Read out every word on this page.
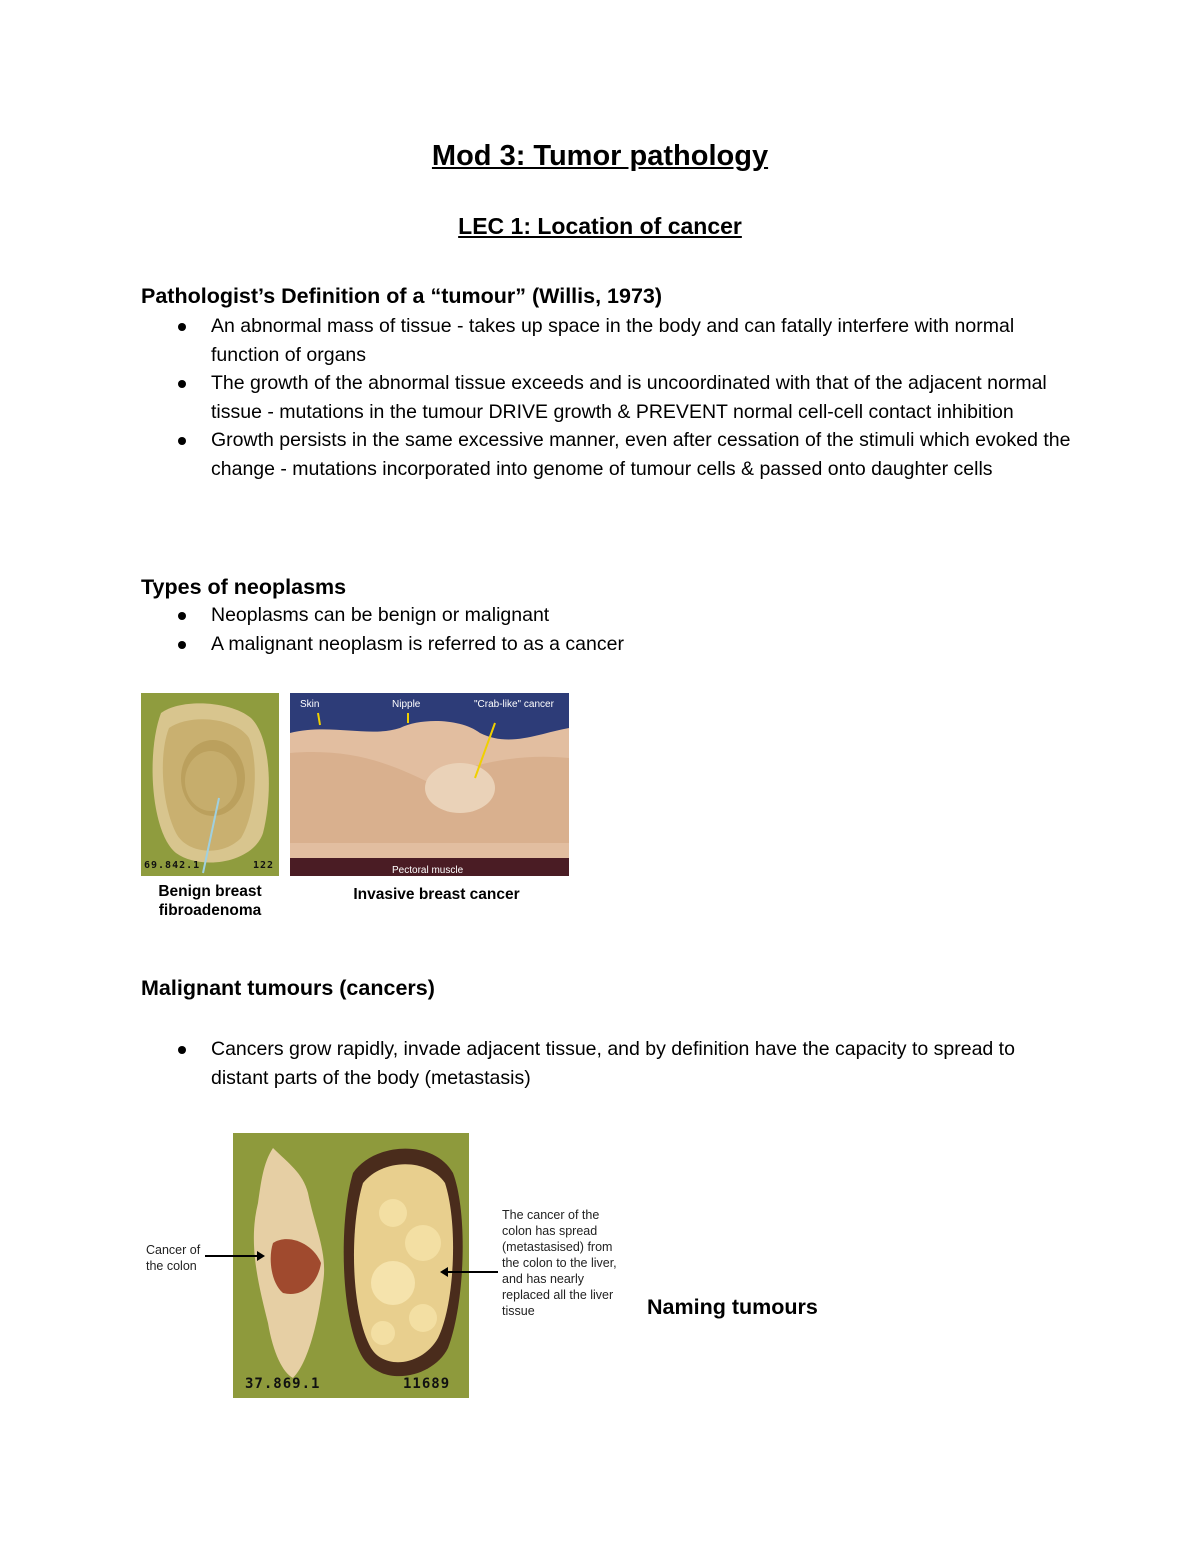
Mod 3: Tumor pathology
LEC 1: Location of cancer
Pathologist’s Definition of a “tumour” (Willis, 1973)
An abnormal mass of tissue - takes up space in the body and can fatally interfere with normal function of organs
The growth of the abnormal tissue exceeds and is uncoordinated with that of the adjacent normal tissue - mutations in the tumour DRIVE growth & PREVENT normal cell-cell contact inhibition
Growth persists in the same excessive manner, even after cessation of the stimuli which evoked the change - mutations incorporated into genome of tumour cells & passed onto daughter cells
Types of neoplasms
Neoplasms can be benign or malignant
A malignant neoplasm is referred to as a cancer
69.842.1	122
Benign breast fibroadenoma
Skin	Nipple	"Crab-like" cancer
Pectoral muscle
Invasive breast cancer
Malignant tumours (cancers)
Cancers grow rapidly, invade adjacent tissue, and by definition have the capacity to spread to distant parts of the body (metastasis)
37.869.1	11689
Cancer of the colon
The cancer of the colon has spread (metastasised) from the colon to the liver, and has nearly replaced all the liver tissue	Naming tumours
